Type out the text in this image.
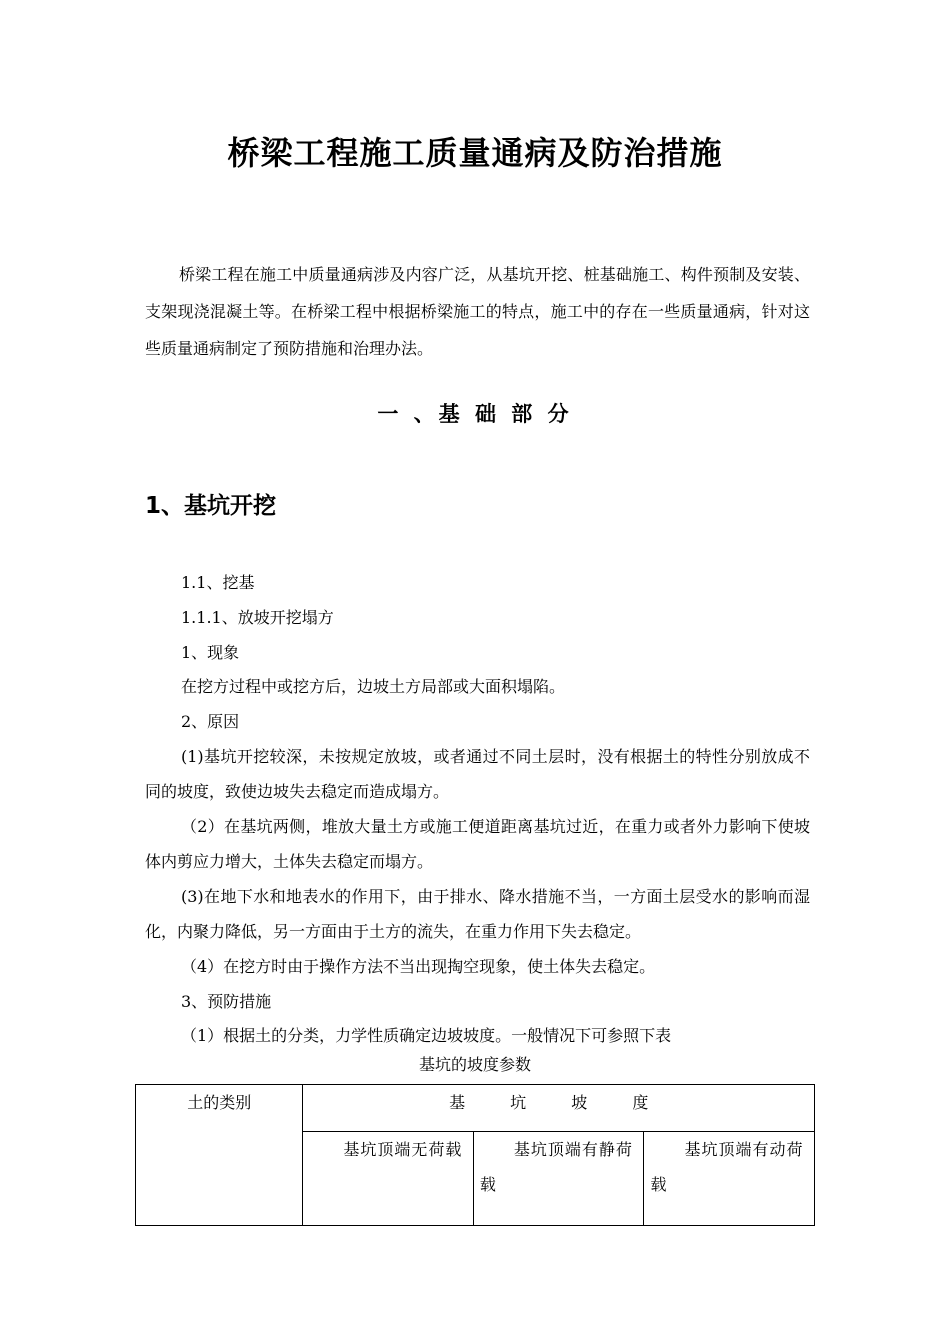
桥梁工程施工质量通病及防治措施
桥梁工程在施工中质量通病涉及内容广泛，从基坑开挖、桩基础施工、构件预制及安装、支架现浇混凝土等。在桥梁工程中根据桥梁施工的特点，施工中的存在一些质量通病，针对这些质量通病制定了预防措施和治理办法。
一 、基 础 部 分
1、基坑开挖
1.1、挖基
1.1.1、放坡开挖塌方
1、现象
在挖方过程中或挖方后，边坡土方局部或大面积塌陷。
2、原因
(1)基坑开挖较深，未按规定放坡，或者通过不同土层时，没有根据土的特性分别放成不同的坡度，致使边坡失去稳定而造成塌方。
（2）在基坑两侧，堆放大量土方或施工便道距离基坑过近，在重力或者外力影响下使坡体内剪应力增大，土体失去稳定而塌方。
(3)在地下水和地表水的作用下，由于排水、降水措施不当，一方面土层受水的影响而湿化，内聚力降低，另一方面由于土方的流失，在重力作用下失去稳定。
（4）在挖方时由于操作方法不当出现掏空现象，使土体失去稳定。
3、预防措施
（1）根据土的分类，力学性质确定边坡坡度。一般情况下可参照下表
基坑的坡度参数
土的类别	基 坑 坡 度		
	基坑顶端无荷载	基坑顶端有静荷载	基坑顶端有动荷载
